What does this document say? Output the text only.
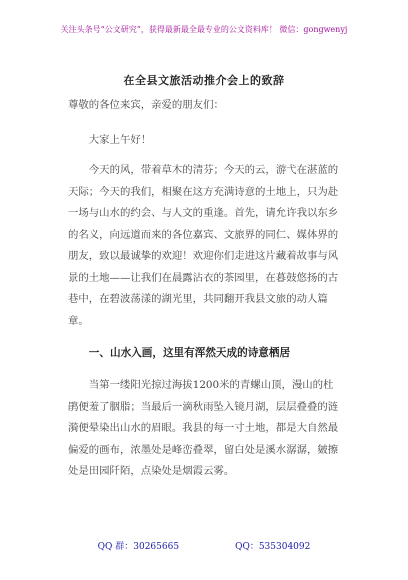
关注头条号“公文研究”，获得最新最全最专业的公文资料库！ 微信：gongwenyj
在全县文旅活动推介会上的致辞

尊敬的各位来宾，亲爱的朋友们：

大家上午好！

今天的风，带着草木的清芬；今天的云，游弋在湛蓝的天际；今天的我们，相聚在这方充满诗意的土地上，只为赴一场与山水的约会、与人文的重逢。首先，请允许我以东乡的名义，向远道而来的各位嘉宾、文旅界的同仁、媒体界的朋友，致以最诚挚的欢迎！欢迎你们走进这片藏着故事与风景的土地——让我们在晨露沾衣的茶园里，在暮鼓悠扬的古巷中，在碧波荡漾的湖光里，共同翻开我县文旅的动人篇章。

一、山水入画，这里有浑然天成的诗意栖居

当第一缕阳光掠过海拔1200米的青螺山顶，漫山的杜鹃便羞了胭脂；当最后一滴秋雨坠入镜月湖，层层叠叠的涟漪便晕染出山水的眉眼。我县的每一寸土地，都是大自然最偏爱的画布，浓墨处是峰峦叠翠，留白处是溪水潺潺，皴擦处是田园阡陌，点染处是烟霞云雾。

QQ 群：30265665	QQ：535304092
